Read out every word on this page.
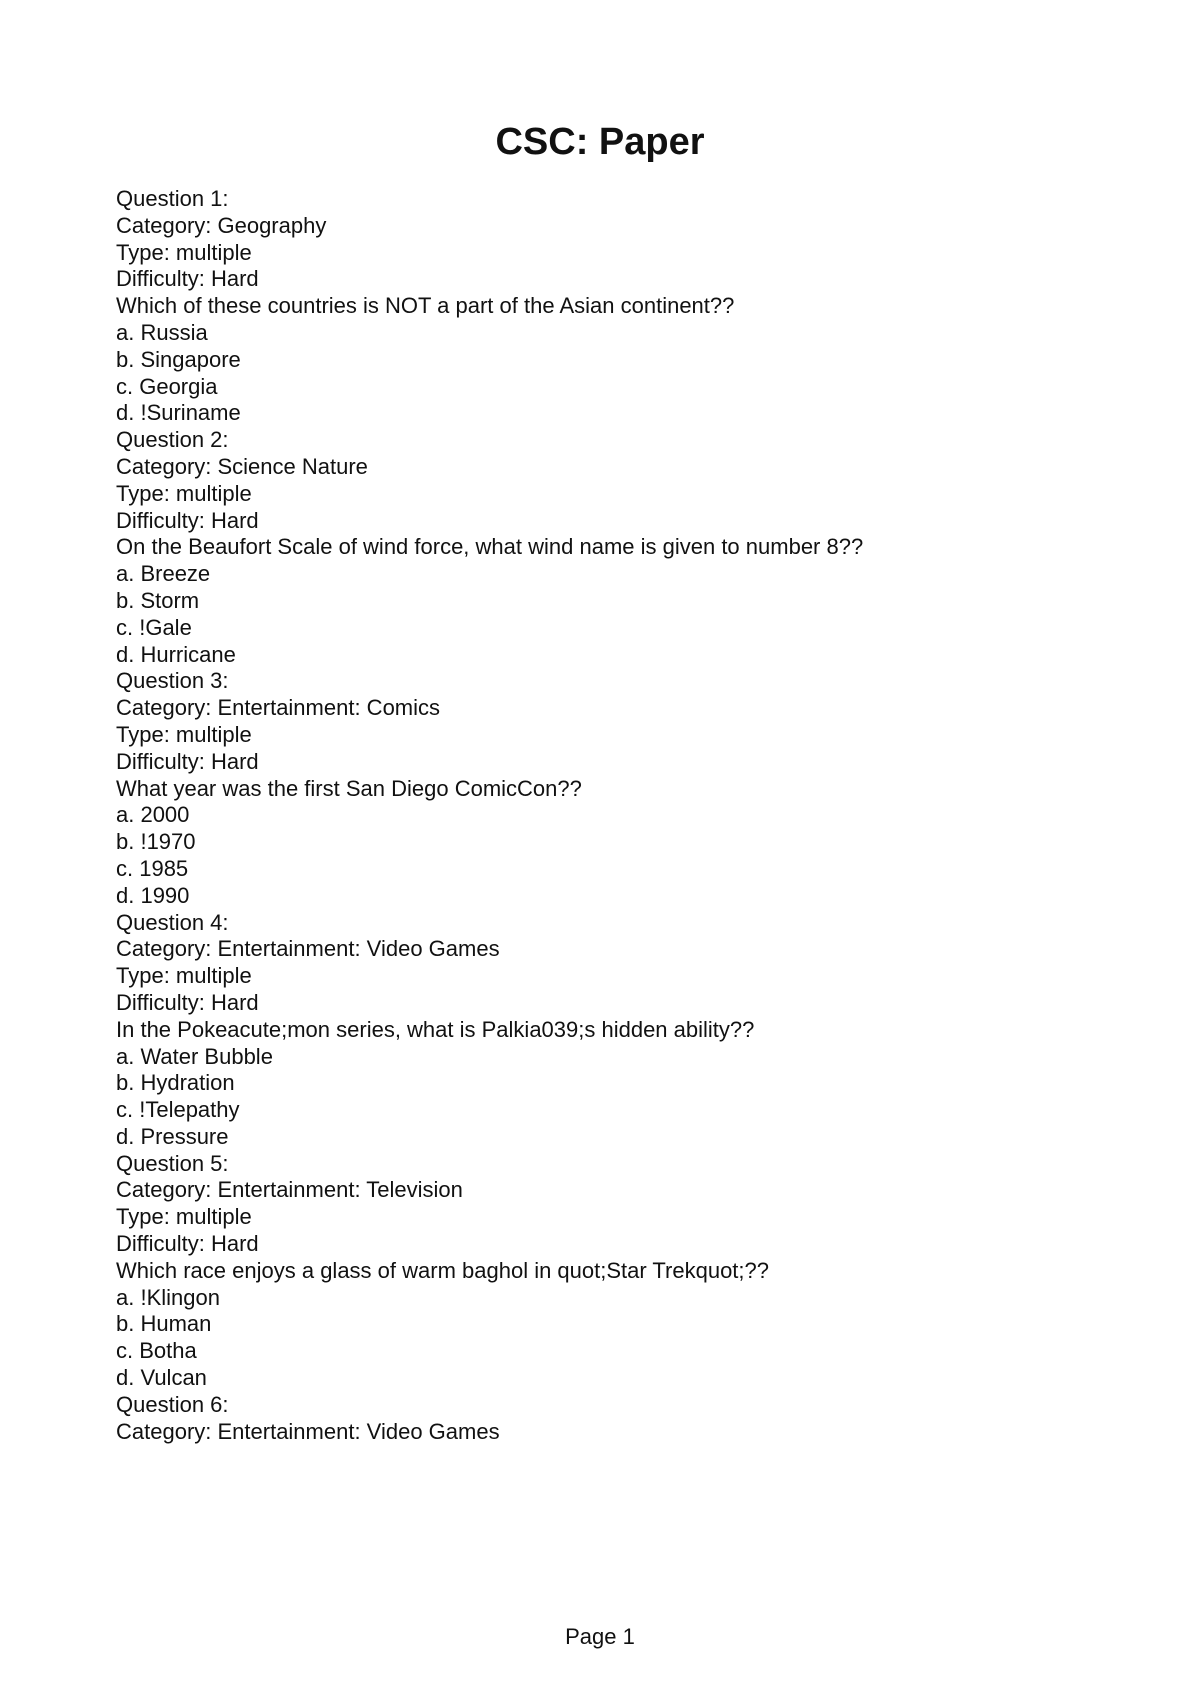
CSC: Paper
Question 1:
Category: Geography
Type: multiple
Difficulty: Hard
Which of these countries is NOT a part of the Asian continent??
a. Russia
b. Singapore
c. Georgia
d. !Suriname
Question 2:
Category: Science Nature
Type: multiple
Difficulty: Hard
On the Beaufort Scale of wind force, what wind name is given to number 8??
a. Breeze
b. Storm
c. !Gale
d. Hurricane
Question 3:
Category: Entertainment: Comics
Type: multiple
Difficulty: Hard
What year was the first San Diego ComicCon??
a. 2000
b. !1970
c. 1985
d. 1990
Question 4:
Category: Entertainment: Video Games
Type: multiple
Difficulty: Hard
In the Pokeacute;mon series, what is Palkia039;s hidden ability??
a. Water Bubble
b. Hydration
c. !Telepathy
d. Pressure
Question 5:
Category: Entertainment: Television
Type: multiple
Difficulty: Hard
Which race enjoys a glass of warm baghol in quot;Star Trekquot;??
a. !Klingon
b. Human
c. Botha
d. Vulcan
Question 6:
Category: Entertainment: Video Games
Page 1
